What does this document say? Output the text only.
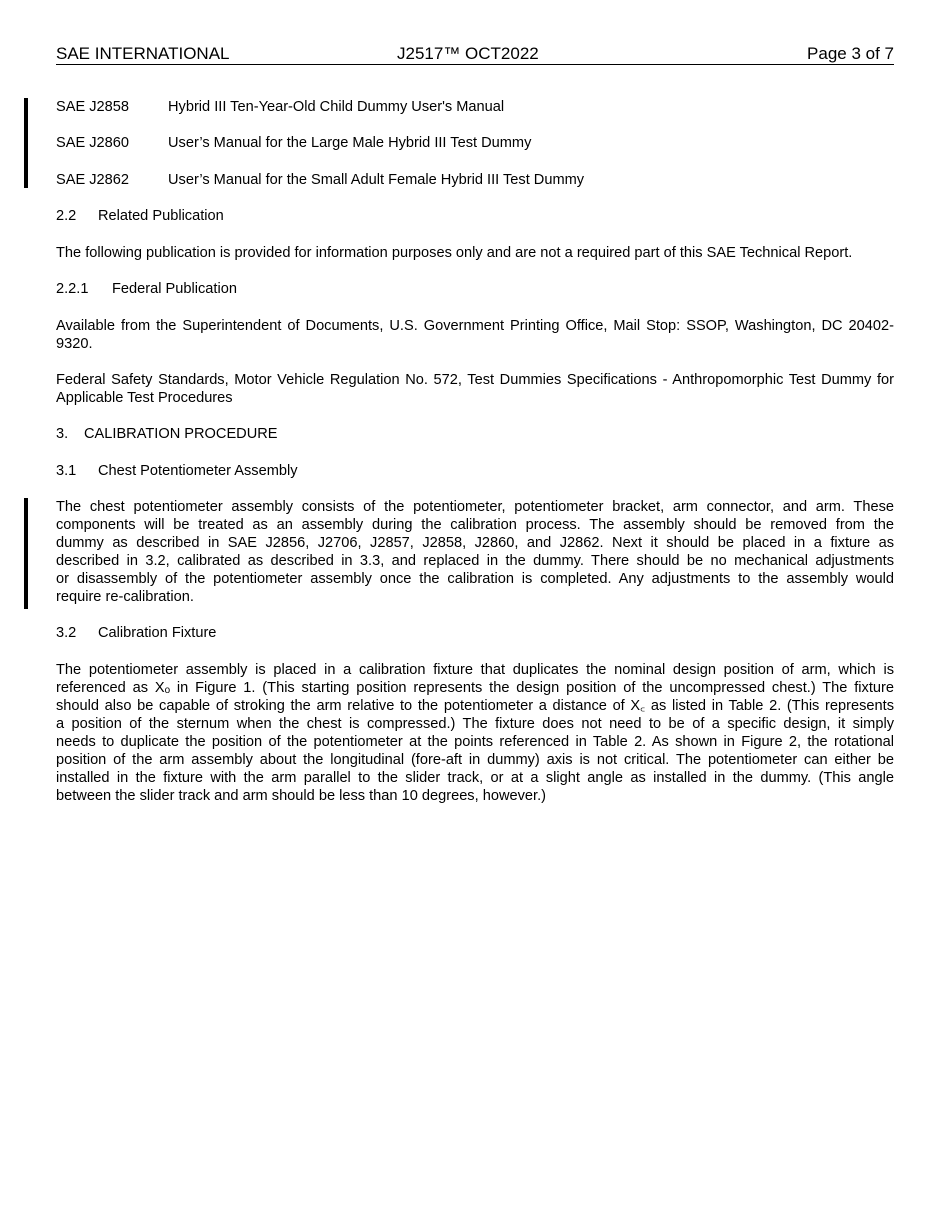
SAE INTERNATIONAL	J2517™ OCT2022	Page 3 of 7
SAE J2858	Hybrid III Ten-Year-Old Child Dummy User's Manual
SAE J2860	User’s Manual for the Large Male Hybrid III Test Dummy
SAE J2862	User’s Manual for the Small Adult Female Hybrid III Test Dummy
2.2 Related Publication
The following publication is provided for information purposes only and are not a required part of this SAE Technical Report.
2.2.1 Federal Publication
Available from the Superintendent of Documents, U.S. Government Printing Office, Mail Stop: SSOP, Washington, DC 20402-9320.
Federal Safety Standards, Motor Vehicle Regulation No. 572, Test Dummies Specifications - Anthropomorphic Test Dummy for Applicable Test Procedures
3. CALIBRATION PROCEDURE
3.1 Chest Potentiometer Assembly
The chest potentiometer assembly consists of the potentiometer, potentiometer bracket, arm connector, and arm. These
components will be treated as an assembly during the calibration process. The assembly should be removed from the
dummy as described in SAE J2856, J2706, J2857, J2858, J2860, and J2862. Next it should be placed in a fixture as
described in 3.2, calibrated as described in 3.3, and replaced in the dummy. There should be no mechanical adjustments
or disassembly of the potentiometer assembly once the calibration is completed. Any adjustments to the assembly would
require re-calibration.
3.2 Calibration Fixture
The potentiometer assembly is placed in a calibration fixture that duplicates the nominal design position of arm, which is
referenced as Xₒ in Figure 1. (This starting position represents the design position of the uncompressed chest.) The fixture
should also be capable of stroking the arm relative to the potentiometer a distance of X꜀ as listed in Table 2. (This represents
a position of the sternum when the chest is compressed.) The fixture does not need to be of a specific design, it simply
needs to duplicate the position of the potentiometer at the points referenced in Table 2. As shown in Figure 2, the rotational
position of the arm assembly about the longitudinal (fore-aft in dummy) axis is not critical. The potentiometer can either be
installed in the fixture with the arm parallel to the slider track, or at a slight angle as installed in the dummy. (This angle
between the slider track and arm should be less than 10 degrees, however.)
